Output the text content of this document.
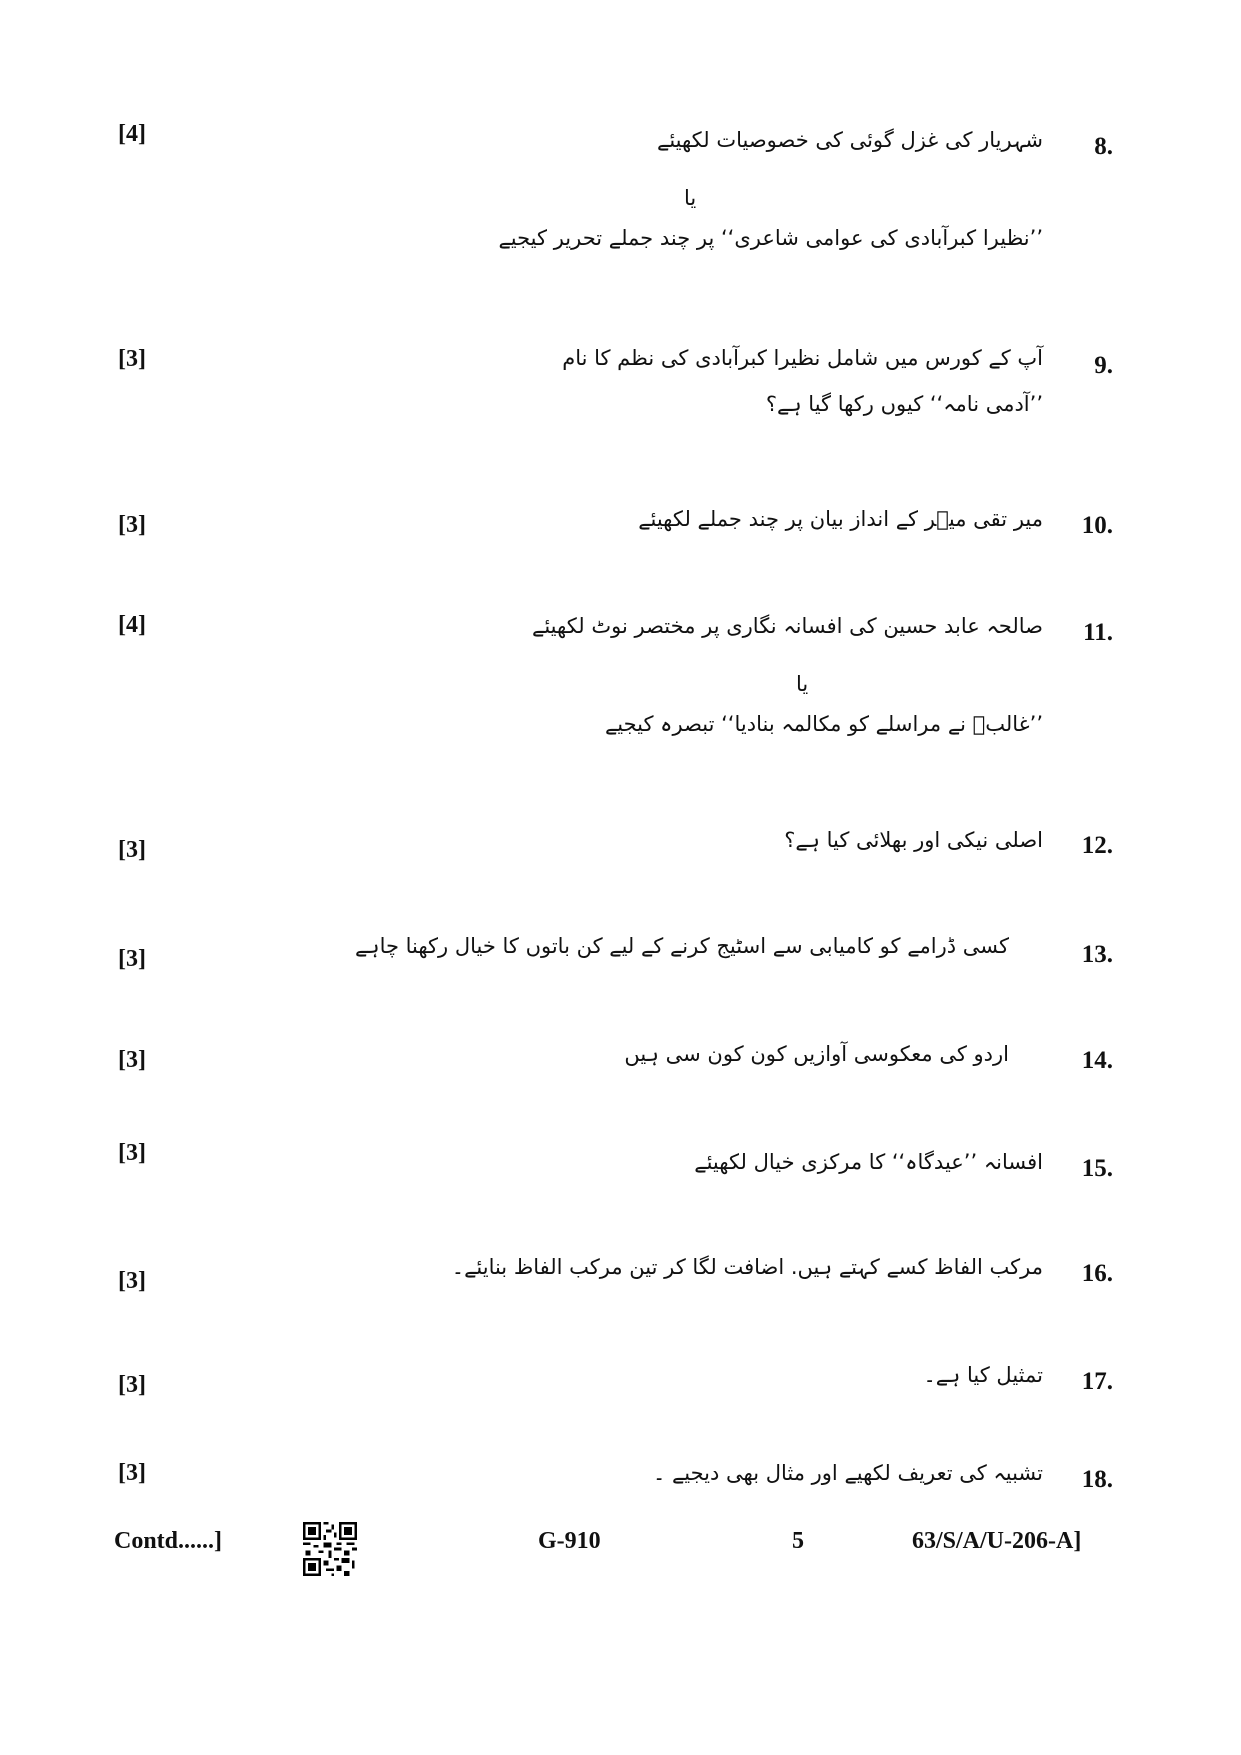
[4]	8.
شہریار کی غزل گوئی کی خصوصیات لکھیئے
یا
’’نظیرا کبرآبادی کی عوامی شاعری‘‘ پر چند جملے تحریر کیجیے
[3]	9.
آپ کے کورس میں شامل نظیرا کبرآبادی کی نظم کا نام
’’آدمی نامہ‘‘ کیوں رکھا گیا ہے؟
[3]	10.
میر تقی میؔر کے انداز بیان پر چند جملے لکھیئے
[4]	11.
صالحہ عابد حسین کی افسانہ نگاری پر مختصر نوٹ لکھیئے
یا
’’غالبؔ نے مراسلے کو مکالمہ بنادیا‘‘ تبصرہ کیجیے
[3]	12.
اصلی نیکی اور بھلائی کیا ہے؟
[3]	13.
کسی ڈرامے کو کامیابی سے اسٹیج کرنے کے لیے کن باتوں کا خیال رکھنا چاہے
[3]	14.
اردو کی معکوسی آوازیں کون کون سی ہیں
[3]
15.
افسانہ ’’عیدگاہ‘‘ کا مرکزی خیال لکھیئے
[3]	16.
مرکب الفاظ کسے کہتے ہیں. اضافت لگا کر تین مرکب الفاظ بنایئے۔
[3]	17.
تمثیل کیا ہے۔
[3]	18.
تشبیہ کی تعریف لکھیے اور مثال بھی دیجیے ۔
Contd......]	G-910	5	63/S/A/U-206-A]
